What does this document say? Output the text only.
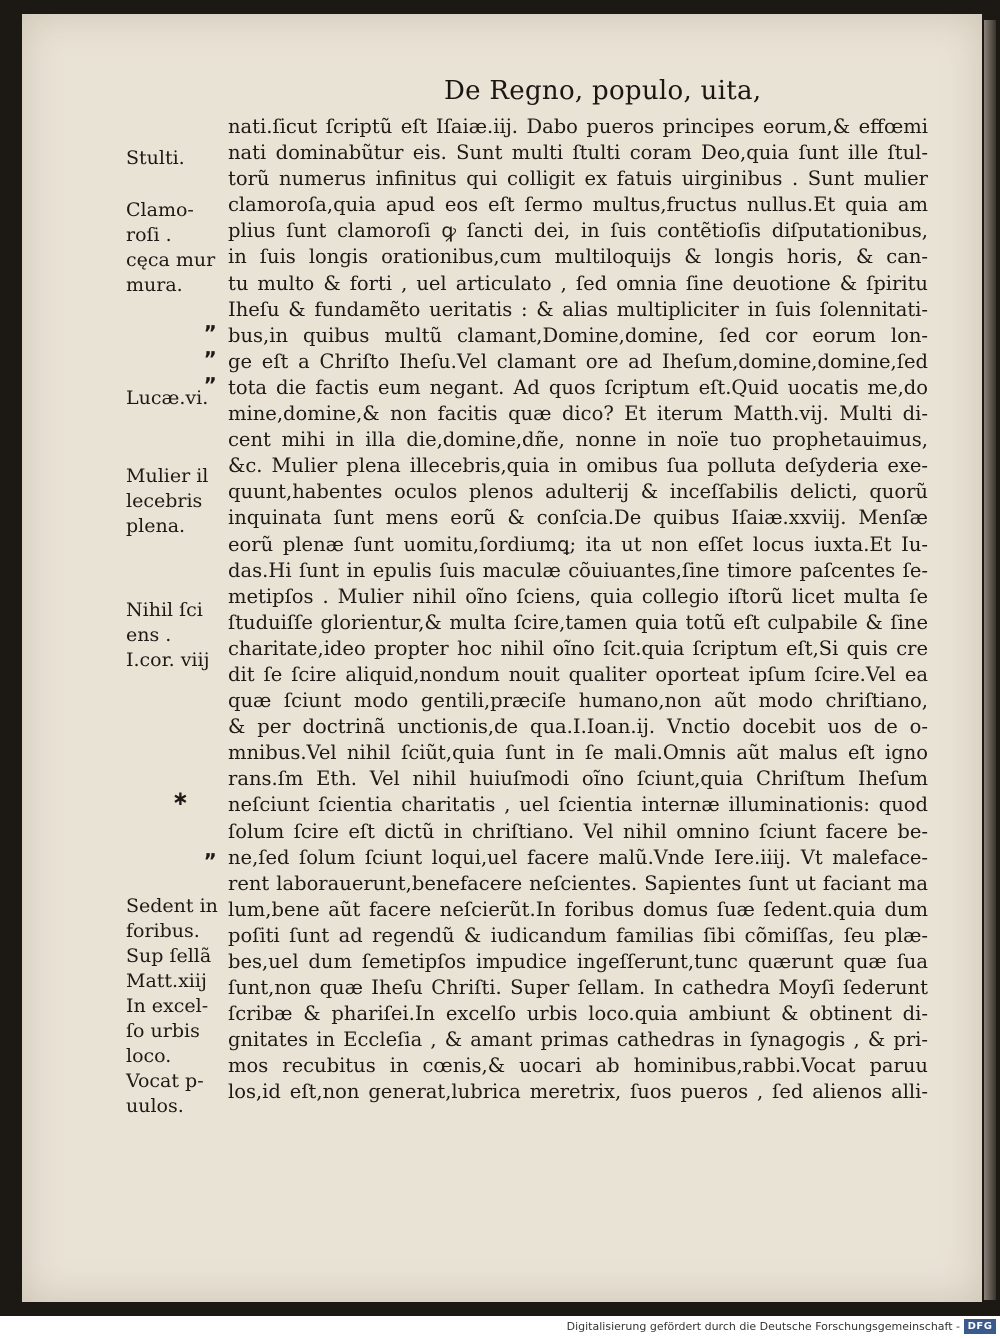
De Regno, populo, uita,
nati.ſicut ſcriptũ eſt Iſaiæ.iij. Dabo pueros principes eorum,& effœmi
nati dominabũtur eis. Sunt multi ſtulti coram Deo,quia ſunt ille ſtul-
torũ numerus infinitus qui colligit ex fatuis uirginibus . Sunt mulier
clamoroſa,quia apud eos eſt ſermo multus,fructus nullus.Et quia am
plius ſunt clamoroſi ꝙ ſancti dei, in ſuis contẽtioſis diſputationibus,
in ſuis longis orationibus,cum multiloquijs & longis horis, & can-
tu multo & forti , uel articulato , ſed omnia ſine deuotione & ſpiritu
Iheſu & fundamẽto ueritatis : & alias multipliciter in ſuis ſolennitati-
bus,in quibus multũ clamant,Domine,domine, ſed cor eorum lon-
ge eſt a Chriſto Iheſu.Vel clamant ore ad Iheſum,domine,domine,ſed
tota die factis eum negant. Ad quos ſcriptum eſt.Quid uocatis me,do
mine,domine,& non facitis quæ dico? Et iterum Matth.vij. Multi di-
cent mihi in illa die,domine,dñe, nonne in noïe tuo prophetauimus,
&c. Mulier plena illecebris,quia in omibus ſua polluta deſyderia exe-
quunt,habentes oculos plenos adulterij & inceſſabilis delicti, quorũ
inquinata ſunt mens eorũ & conſcia.De quibus Iſaiæ.xxviij. Menſæ
eorũ plenæ ſunt uomitu,ſordiumꝗ; ita ut non eſſet locus iuxta.Et Iu-
das.Hi ſunt in epulis ſuis maculæ cõuiuantes,ſine timore paſcentes ſe-
metipſos . Mulier nihil oĩno ſciens, quia collegio iſtorũ licet multa ſe
ſtuduiſſe glorientur,& multa ſcire,tamen quia totũ eſt culpabile & ſine
charitate,ideo propter hoc nihil oĩno ſcit.quia ſcriptum eſt,Si quis cre
dit ſe ſcire aliquid,nondum nouit qualiter oporteat ipſum ſcire.Vel ea
quæ ſciunt modo gentili,præciſe humano,non aũt modo chriſtiano,
& per doctrinã unctionis,de qua.I.Ioan.ij. Vnctio docebit uos de o-
mnibus.Vel nihil ſciũt,quia ſunt in ſe mali.Omnis aũt malus eſt igno
rans.ſm Eth. Vel nihil huiuſmodi oĩno ſciunt,quia Chriſtum Iheſum
neſciunt ſcientia charitatis , uel ſcientia internæ illuminationis: quod
ſolum ſcire eſt dictũ in chriſtiano. Vel nihil omnino ſciunt facere be-
ne,ſed ſolum ſciunt loqui,uel facere malũ.Vnde Iere.iiij. Vt maleface-
rent laborauerunt,benefacere neſcientes. Sapientes ſunt ut faciant ma
lum,bene aũt facere neſcierũt.In foribus domus ſuæ ſedent.quia dum
poſiti ſunt ad regendũ & iudicandum familias ſibi cõmiſſas, ſeu plæ-
bes,uel dum ſemetipſos impudice ingeſſerunt,tunc quærunt quæ ſua
ſunt,non quæ Iheſu Chriſti. Super ſellam. In cathedra Moyſi ſederunt
ſcribæ & phariſei.In excelſo urbis loco.quia ambiunt & obtinent di-
gnitates in Eccleſia , & amant primas cathedras in ſynagogis , & pri-
mos recubitus in cœnis,& uocari ab hominibus,rabbi.Vocat paruu
los,id eſt,non generat,lubrica meretrix, ſuos pueros , ſed alienos alli-
Stulti.
Clamo-
roſi .
cęca mur
mura.
Lucæ.vi.
Mulier il
lecebris
plena.
Nihil ſci
ens .
I.cor. viij
Sedent in
foribus.
Sup ſellã
Matt.xiij
In excel-
ſo urbis
loco.
Vocat p-
uulos.
„
„
„
∗
„
Digitalisierung gefördert durch die Deutsche Forschungsgemeinschaft - DFG
